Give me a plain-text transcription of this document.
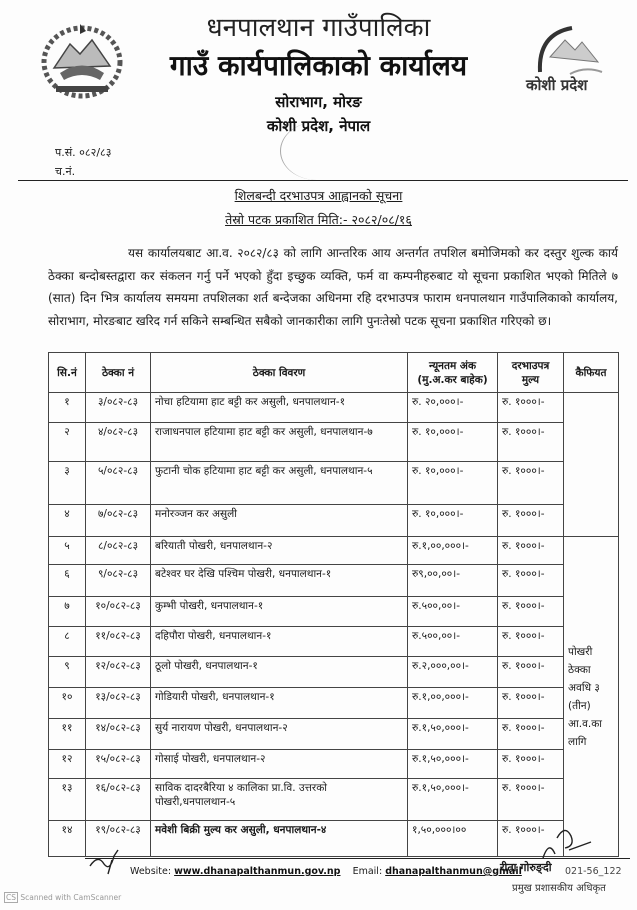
कोशी प्रदेश
धनपालथान गाउँपालिका
गाउँ कार्यपालिकाको कार्यालय
सोराभाग, मोरङ
कोशी प्रदेश, नेपाल
प.सं. ०८२/८३
च.नं.
शिलबन्दी दरभाउपत्र आह्वानको सूचना
तेस्रो पटक प्रकाशित मिति:- २०८२/०८/१६
यस कार्यालयबाट आ.व. २०८२/८३ को लागि आन्तरिक आय अन्तर्गत तपशिल बमोजिमको कर दस्तुर शुल्क कार्य ठेक्का बन्दोबस्तद्वारा कर संकलन गर्नु पर्ने भएको हुँदा इच्छुक व्यक्ति, फर्म वा कम्पनीहरुबाट यो सूचना प्रकाशित भएको मितिले ७ (सात) दिन भित्र कार्यालय समयमा तपशिलका शर्त बन्देजका अधिनमा रहि दरभाउपत्र फाराम धनपालथान गाउँपालिकाको कार्यालय, सोराभाग, मोरङबाट खरिद गर्न सकिने सम्बन्धित सबैको जानकारीका लागि पुनःतेस्रो पटक सूचना प्रकाशित गरिएको छ।
सि.नं	ठेक्का नं	ठेक्का विवरण	न्यूनतम अंक (मु.अ.कर बाहेक)	दरभाउपत्र मुल्य	कैफियत	
१	३/०८२-८३	नोचा हटियामा हाट बट्टी कर असुली, धनपालथान-१	रु. २०,०००।-	रु. १०००।-		
२	४/०८२-८३	राजाधनपाल हटियामा हाट बट्टी कर असुली, धनपालथान-७	रु. १०,०००।-	रु. १०००।-		
३	५/०८२-८३	फुटानी चोक हटियामा हाट बट्टी कर असुली, धनपालथान-५	रु. १०,०००।-	रु. १०००।-		
४	७/०८२-८३	मनोरञ्जन कर असुली	रु. १०,०००।-	रु. १०००।-		
५	८/०८२-८३	बरियाती पोखरी, धनपालथान-२	रु.१,००,०००।-	रु. १०००।-	पोखरी ठेक्का अवधि ३ (तीन) आ.व.का लागि	
६	९/०८२-८३	बटेश्वर घर देखि पश्चिम पोखरी, धनपालथान-१	रु९,००,००।-	रु. १०००।-		
७	१०/०८२-८३	कुम्भी पोखरी, धनपालथान-१	रु.५००,००।-	रु. १०००।-		
८	११/०८२-८३	दहिपौरा पोखरी, धनपालथान-१	रु.५००,००।-	रु. १०००।-		
९	१२/०८२-८३	ठूलो पोखरी, धनपालथान-१	रु.२,०००,००।-	रु. १०००।-		
१०	१३/०८२-८३	गोडियारी पोखरी, धनपालथान-१	रु.१,००,०००।-	रु. १०००।-		
११	१४/०८२-८३	सुर्य नारायण पोखरी, धनपालथान-२	रु.१,५०,०००।-	रु. १०००।-		
१२	१५/०८२-८३	गोसाई पोखरी, धनपालथान-२	रु.१,५०,०००।-	रु. १०००।-		
१३	१६/०८२-८३	साविक दादरबैरिया ४ कालिका प्रा.वि. उत्तरको पोखरी,धनपालथान-५	रु.१,५०,०००।-	रु. १०००।-		
१४	१९/०८२-८३	मवेशी बिक्री मुल्य कर असुली, धनपालथान-४	१,५०,०००।००	रु. १०००।-		
Website: www.dhanapalthanmun.gov.np Email: dhanapalthanmun@gmail	021-56_122
रीता गोरुङ्दी
प्रमुख प्रशासकीय अधिकृत
CS Scanned with CamScanner
